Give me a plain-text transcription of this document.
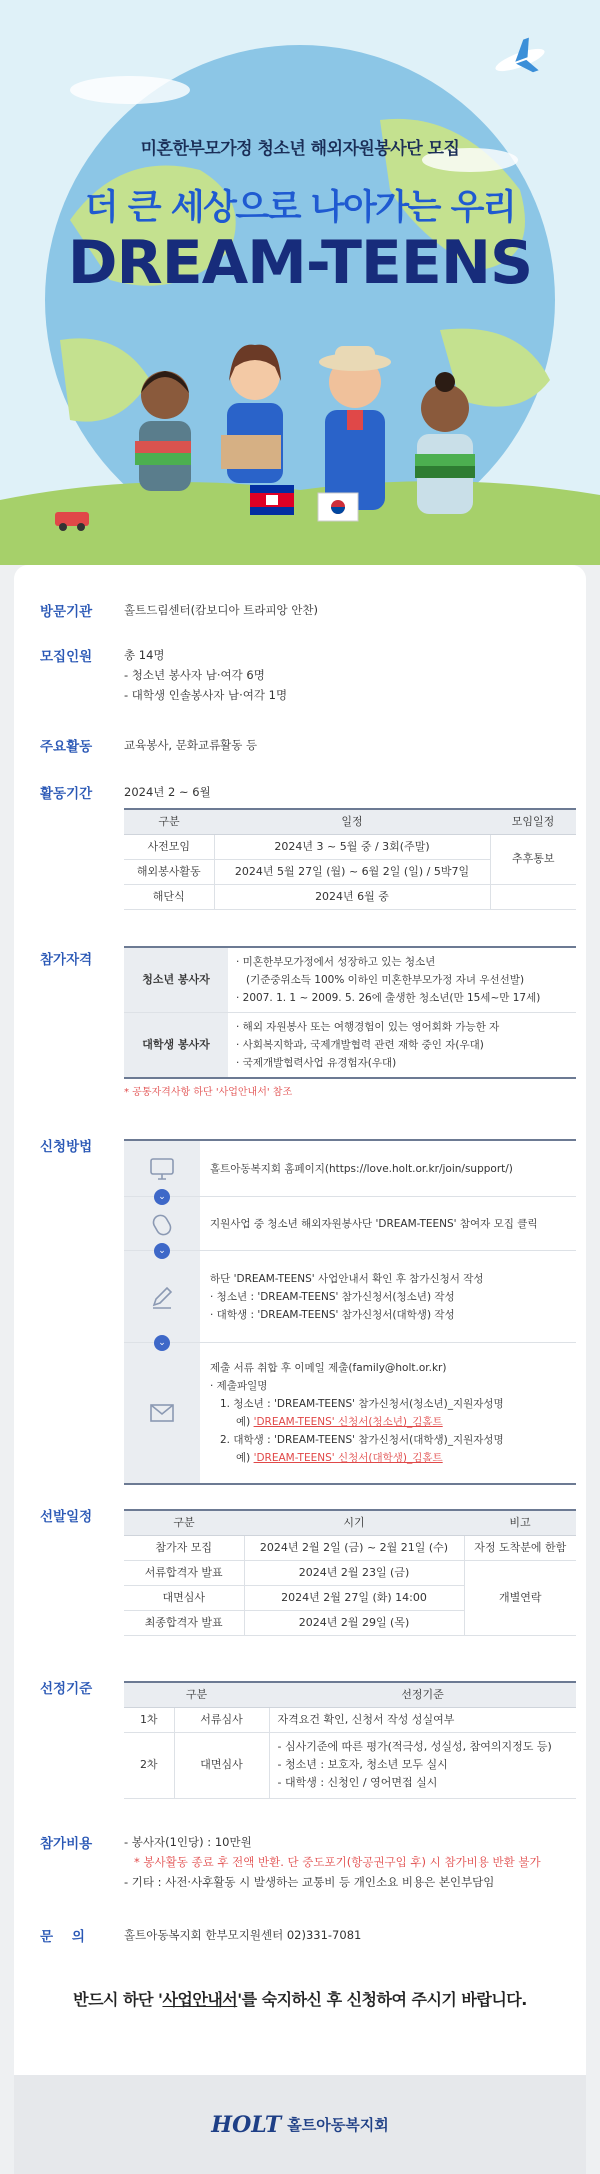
미혼한부모가정 청소년 해외자원봉사단 모집
더 큰 세상으로 나아가는 우리
DREAM-TEENS
방문기관	홀트드림센터(캄보디아 트라피앙 안찬)
모집인원	총 14명
- 청소년 봉사자 남·여각 6명
- 대학생 인솔봉사자 남·여각 1명
주요활동	교육봉사, 문화교류활동 등
활동기간	2024년 2 ~ 6월
구분	일정	모임일정
사전모임	2024년 3 ~ 5월 중 / 3회(주말)	추후통보
해외봉사활동	2024년 5월 27일 (월) ~ 6월 2일 (일) / 5박7일	
해단식	2024년 6월 중	
참가자격
청소년 봉사자
· 미혼한부모가정에서 성장하고 있는 청소년
(기준중위소득 100% 이하인 미혼한부모가정 자녀 우선선발)
· 2007. 1. 1 ~ 2009. 5. 26에 출생한 청소년(만 15세~만 17세)
대학생 봉사자
· 해외 자원봉사 또는 여행경험이 있는 영어회화 가능한 자
· 사회복지학과, 국제개발협력 관련 재학 중인 자(우대)
· 국제개발협력사업 유경험자(우대)
* 공통자격사항 하단 '사업안내서' 참조
신청방법
홀트아동복지회 홈페이지(https://love.holt.or.kr/join/support/)
⌄
지원사업 중 청소년 해외자원봉사단 'DREAM-TEENS' 참여자 모집 클릭
⌄
하단 'DREAM-TEENS' 사업안내서 확인 후 참가신청서 작성
· 청소년 : 'DREAM-TEENS' 참가신청서(청소년) 작성
· 대학생 : 'DREAM-TEENS' 참가신청서(대학생) 작성
⌄
제출 서류 취합 후 이메일 제출(family@holt.or.kr)
· 제출파일명
1. 청소년 : 'DREAM-TEENS' 참가신청서(청소년)_지원자성명
예) 'DREAM-TEENS' 신청서(청소년)_김홀트
2. 대학생 : 'DREAM-TEENS' 참가신청서(대학생)_지원자성명
예) 'DREAM-TEENS' 신청서(대학생)_김홀트
선발일정	구분	시기	비고
참가자 모집	2024년 2월 2일 (금) ~ 2월 21일 (수)	자정 도착분에 한함
서류합격자 발표	2024년 2월 23일 (금)	개별연락
대면심사	2024년 2월 27일 (화) 14:00	
최종합격자 발표	2024년 2월 29일 (목)	
선정기준	구분		선정기준
1차	서류심사	자격요건 확인, 신청서 작성 성실여부
2차	대면심사	- 심사기준에 따른 평가(적극성, 성실성, 참여의지정도 등)
- 청소년 : 보호자, 청소년 모두 실시
- 대학생 : 신청인 / 영어면접 실시
참가비용	- 봉사자(1인당) : 10만원
* 봉사활동 종료 후 전액 반환. 단 중도포기(항공권구입 후) 시 참가비용 반환 불가
- 기타 : 사전·사후활동 시 발생하는 교통비 등 개인소요 비용은 본인부담임
문    의	홀트아동복지회 한부모지원센터 02)331-7081
반드시 하단 '사업안내서'를 숙지하신 후 신청하여 주시기 바랍니다.
HOLT 홀트아동복지회
